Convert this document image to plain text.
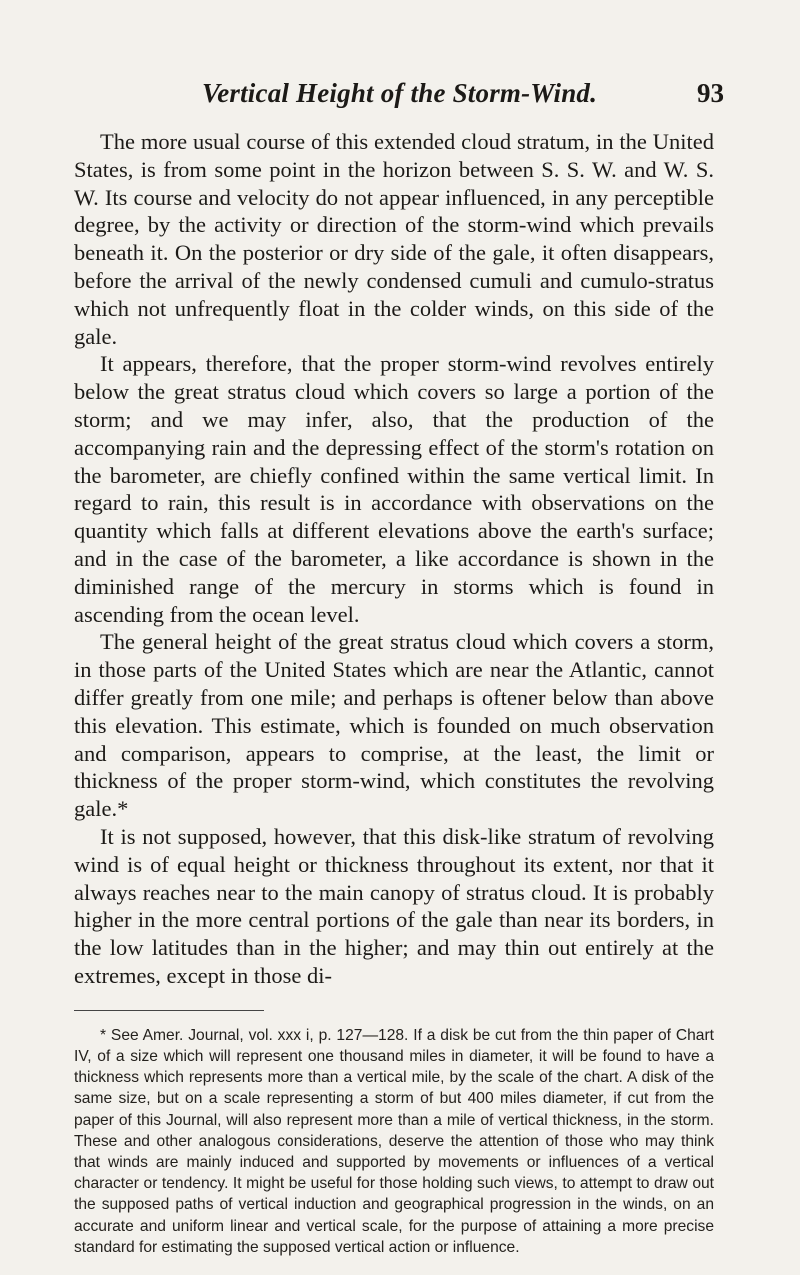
Vertical Height of the Storm-Wind.	93

The more usual course of this extended cloud stratum, in the United States, is from some point in the horizon between S. S. W. and W. S. W. Its course and velocity do not appear influenced, in any perceptible degree, by the activity or direction of the storm-wind which prevails beneath it. On the posterior or dry side of the gale, it often disappears, before the arrival of the newly condensed cumuli and cumulo-stratus which not unfrequently float in the colder winds, on this side of the gale.

It appears, therefore, that the proper storm-wind revolves entirely below the great stratus cloud which covers so large a portion of the storm; and we may infer, also, that the production of the accompanying rain and the depressing effect of the storm's rotation on the barometer, are chiefly confined within the same vertical limit. In regard to rain, this result is in accordance with observations on the quantity which falls at different elevations above the earth's surface; and in the case of the barometer, a like accordance is shown in the diminished range of the mercury in storms which is found in ascending from the ocean level.

The general height of the great stratus cloud which covers a storm, in those parts of the United States which are near the Atlantic, cannot differ greatly from one mile; and perhaps is oftener below than above this elevation. This estimate, which is founded on much observation and comparison, appears to comprise, at the least, the limit or thickness of the proper storm-wind, which constitutes the revolving gale.*

It is not supposed, however, that this disk-like stratum of revolving wind is of equal height or thickness throughout its extent, nor that it always reaches near to the main canopy of stratus cloud. It is probably higher in the more central portions of the gale than near its borders, in the low latitudes than in the higher; and may thin out entirely at the extremes, except in those di-

* See Amer. Journal, vol. xxx i, p. 127—128. If a disk be cut from the thin paper of Chart IV, of a size which will represent one thousand miles in diameter, it will be found to have a thickness which represents more than a vertical mile, by the scale of the chart. A disk of the same size, but on a scale representing a storm of but 400 miles diameter, if cut from the paper of this Journal, will also represent more than a mile of vertical thickness, in the storm. These and other analogous considerations, deserve the attention of those who may think that winds are mainly induced and supported by movements or influences of a vertical character or tendency. It might be useful for those holding such views, to attempt to draw out the supposed paths of vertical induction and geographical progression in the winds, on an accurate and uniform linear and vertical scale, for the purpose of attaining a more precise standard for estimating the supposed vertical action or influence.
